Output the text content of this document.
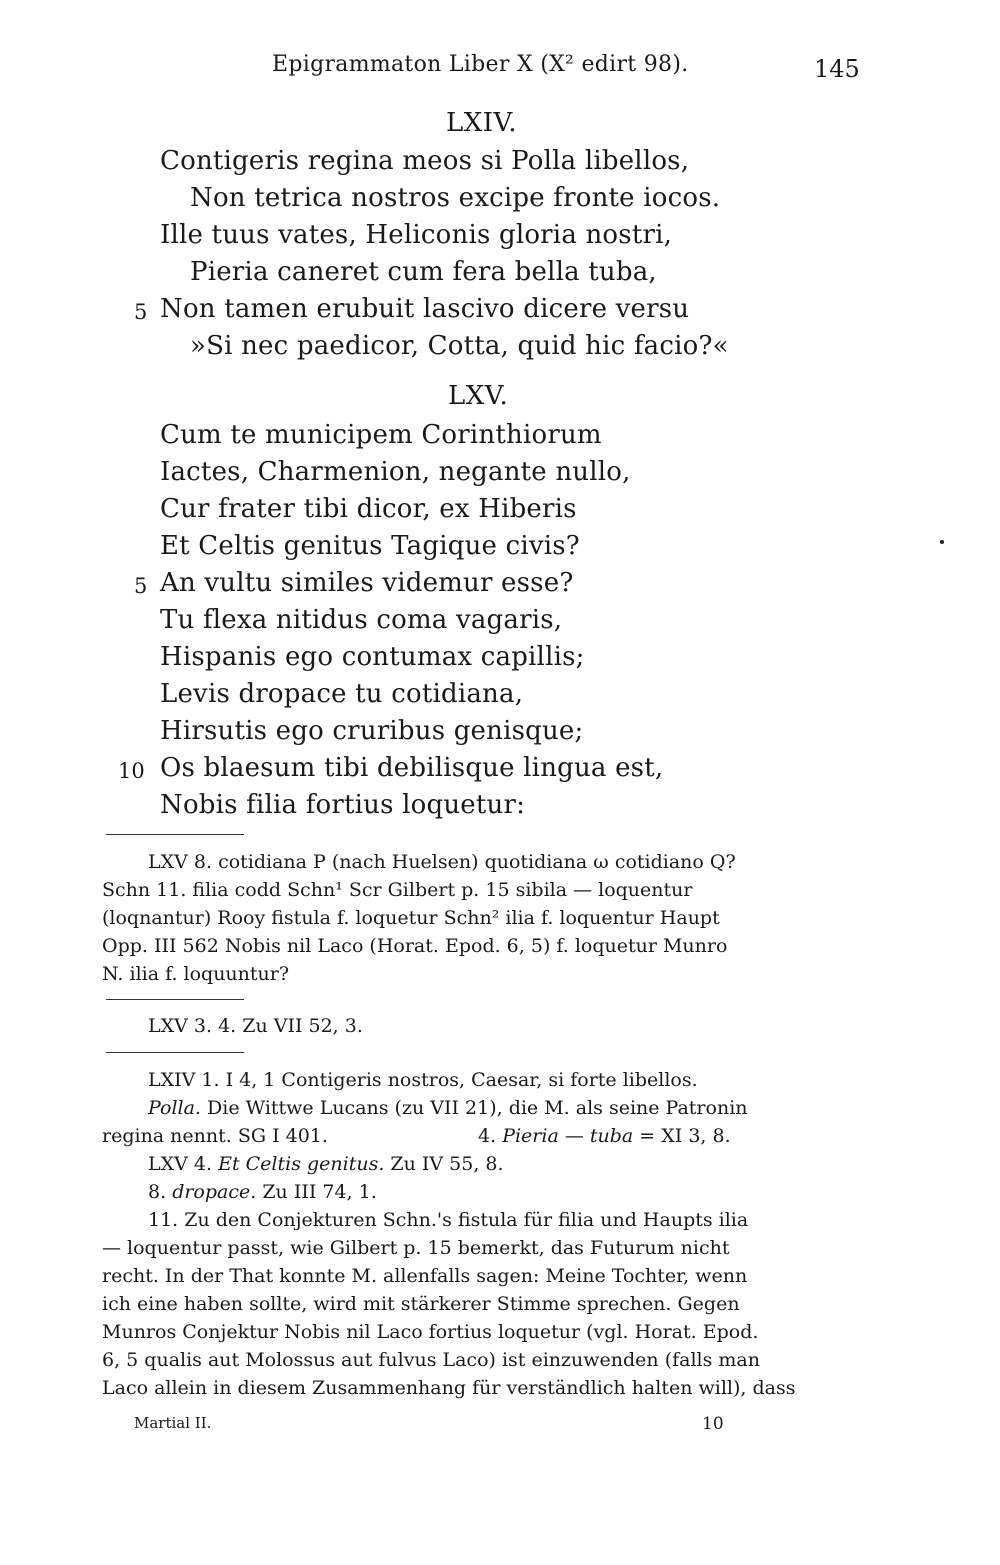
Epigrammaton Liber X (X² edirt 98).	145
LXIV.
Contigeris regina meos si Polla libellos,
Non tetrica nostros excipe fronte iocos.
Ille tuus vates, Heliconis gloria nostri,
Pieria caneret cum fera bella tuba,
5 Non tamen erubuit lascivo dicere versu
»Si nec paedicor, Cotta, quid hic facio?«
LXV.
Cum te municipem Corinthiorum
Iactes, Charmenion, negante nullo,
Cur frater tibi dicor, ex Hiberis
Et Celtis genitus Tagique civis?
5 An vultu similes videmur esse?
Tu flexa nitidus coma vagaris,
Hispanis ego contumax capillis;
Levis dropace tu cotidiana,
Hirsutis ego cruribus genisque;
10 Os blaesum tibi debilisque lingua est,
Nobis filia fortius loquetur:
LXV 8. cotidiana P (nach Huelsen) quotidiana ω cotidiano Q?
Schn 11. filia codd Schn¹ Scr Gilbert p. 15 sibila — loquentur
(loqnantur) Rooy fistula f. loquetur Schn² ilia f. loquentur Haupt
Opp. III 562 Nobis nil Laco (Horat. Epod. 6, 5) f. loquetur Munro
N. ilia f. loquuntur?
LXV 3. 4. Zu VII 52, 3.
LXIV 1. I 4, 1 Contigeris nostros, Caesar, si forte libellos.
Polla. Die Wittwe Lucans (zu VII 21), die M. als seine Patronin
regina nennt. SG I 401.	4. Pieria — tuba = XI 3, 8.
LXV 4. Et Celtis genitus. Zu IV 55, 8.
8. dropace. Zu III 74, 1.
11. Zu den Conjekturen Schn.'s fistula für filia und Haupts ilia
— loquentur passt, wie Gilbert p. 15 bemerkt, das Futurum nicht
recht. In der That konnte M. allenfalls sagen: Meine Tochter, wenn
ich eine haben sollte, wird mit stärkerer Stimme sprechen. Gegen
Munros Conjektur Nobis nil Laco fortius loquetur (vgl. Horat. Epod.
6, 5 qualis aut Molossus aut fulvus Laco) ist einzuwenden (falls man
Laco allein in diesem Zusammenhang für verständlich halten will), dass
Martial II.	10
